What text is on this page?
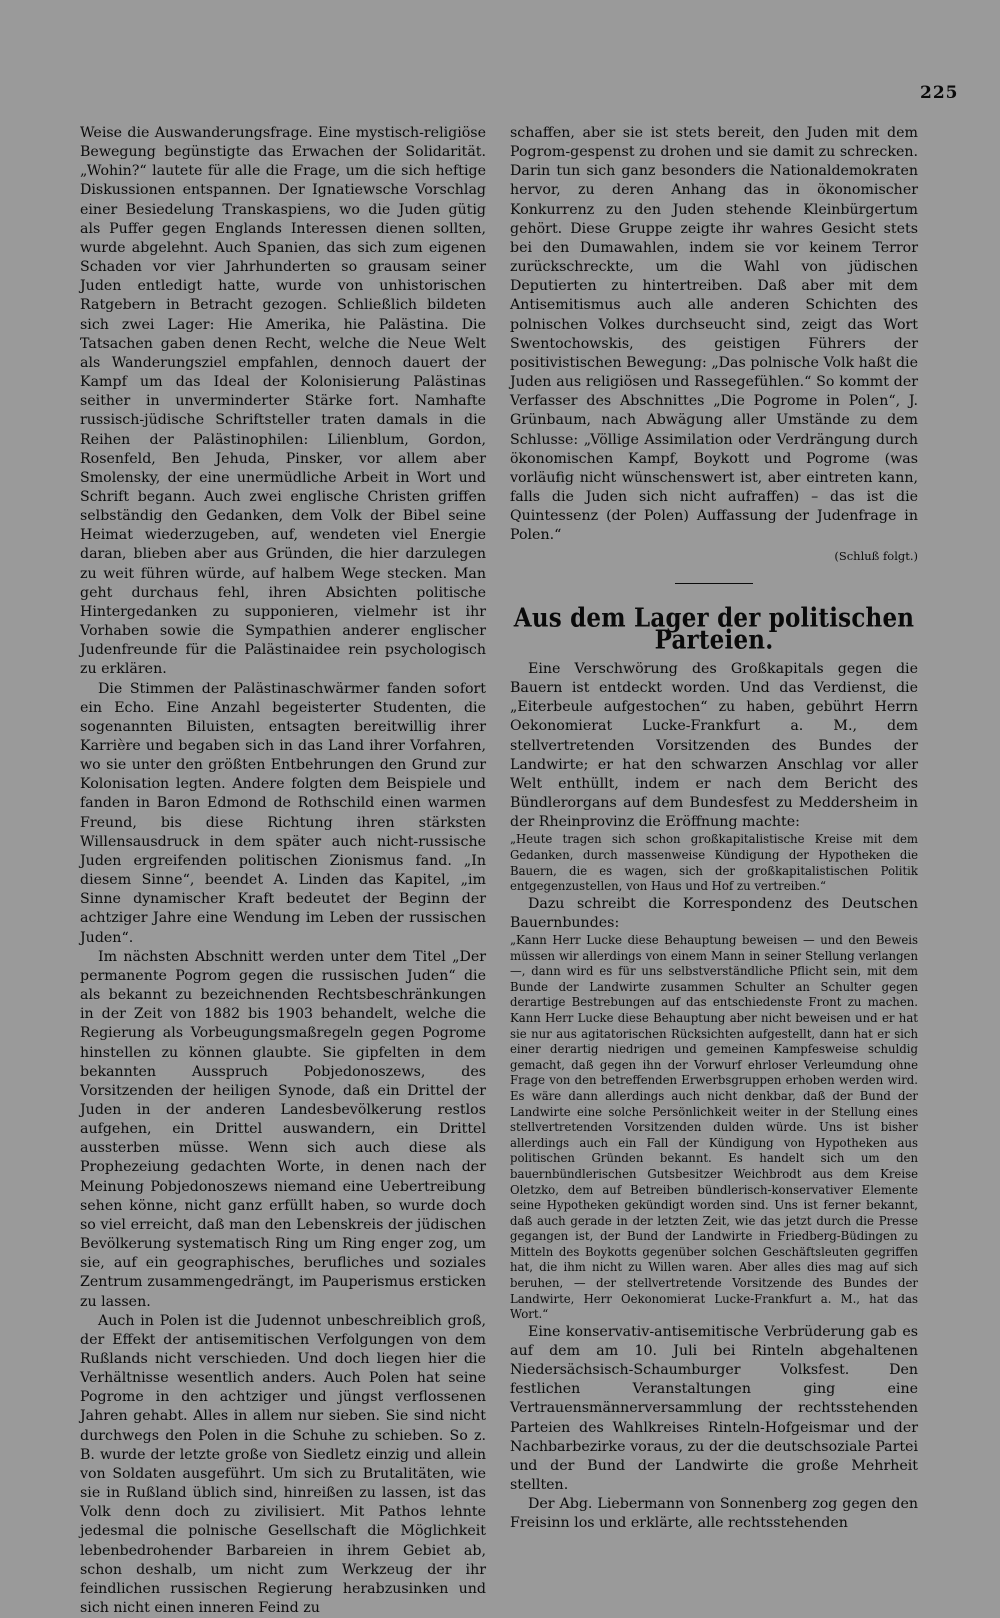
225

Weise die Auswanderungsfrage. Eine mystisch-religiöse Bewegung begünstigte das Erwachen der Solidarität. „Wohin?“ lautete für alle die Frage, um die sich heftige Diskussionen entspannen. Der Ignatiewsche Vorschlag einer Besiedelung Transkaspiens, wo die Juden gütig als Puffer gegen Englands Interessen dienen sollten, wurde abgelehnt. Auch Spanien, das sich zum eigenen Schaden vor vier Jahrhunderten so grausam seiner Juden entledigt hatte, wurde von unhistorischen Ratgebern in Betracht gezogen. Schließlich bildeten sich zwei Lager: Hie Amerika, hie Palästina. Die Tatsachen gaben denen Recht, welche die Neue Welt als Wanderungsziel empfahlen, dennoch dauert der Kampf um das Ideal der Kolonisierung Palästinas seither in unverminderter Stärke fort. Namhafte russisch-jüdische Schriftsteller traten damals in die Reihen der Palästinophilen: Lilienblum, Gordon, Rosenfeld, Ben Jehuda, Pinsker, vor allem aber Smolensky, der eine unermüdliche Arbeit in Wort und Schrift begann. Auch zwei englische Christen griffen selbständig den Gedanken, dem Volk der Bibel seine Heimat wiederzugeben, auf, wendeten viel Energie daran, blieben aber aus Gründen, die hier darzulegen zu weit führen würde, auf halbem Wege stecken. Man geht durchaus fehl, ihren Absichten politische Hintergedanken zu supponieren, vielmehr ist ihr Vorhaben sowie die Sympathien anderer englischer Judenfreunde für die Palästinaidee rein psychologisch zu erklären.

Die Stimmen der Palästinaschwärmer fanden sofort ein Echo. Eine Anzahl begeisterter Studenten, die sogenannten Biluisten, entsagten bereitwillig ihrer Karrière und begaben sich in das Land ihrer Vorfahren, wo sie unter den größten Entbehrungen den Grund zur Kolonisation legten. Andere folgten dem Beispiele und fanden in Baron Edmond de Rothschild einen warmen Freund, bis diese Richtung ihren stärksten Willensausdruck in dem später auch nicht-russische Juden ergreifenden politischen Zionismus fand. „In diesem Sinne“, beendet A. Linden das Kapitel, „im Sinne dynamischer Kraft bedeutet der Beginn der achtziger Jahre eine Wendung im Leben der russischen Juden“.

Im nächsten Abschnitt werden unter dem Titel „Der permanente Pogrom gegen die russischen Juden“ die als bekannt zu bezeichnenden Rechtsbeschränkungen in der Zeit von 1882 bis 1903 behandelt, welche die Regierung als Vorbeugungsmaßregeln gegen Pogrome hinstellen zu können glaubte. Sie gipfelten in dem bekannten Ausspruch Pobjedonoszews, des Vorsitzenden der heiligen Synode, daß ein Drittel der Juden in der anderen Landesbevölkerung restlos aufgehen, ein Drittel auswandern, ein Drittel aussterben müsse. Wenn sich auch diese als Prophezeiung gedachten Worte, in denen nach der Meinung Pobjedonoszews niemand eine Uebertreibung sehen könne, nicht ganz erfüllt haben, so wurde doch so viel erreicht, daß man den Lebenskreis der jüdischen Bevölkerung systematisch Ring um Ring enger zog, um sie, auf ein geographisches, berufliches und soziales Zentrum zusammengedrängt, im Pauperismus ersticken zu lassen.

Auch in Polen ist die Judennot unbeschreiblich groß, der Effekt der antisemitischen Verfolgungen von dem Rußlands nicht verschieden. Und doch liegen hier die Verhältnisse wesentlich anders. Auch Polen hat seine Pogrome in den achtziger und jüngst verflossenen Jahren gehabt. Alles in allem nur sieben. Sie sind nicht durchwegs den Polen in die Schuhe zu schieben. So z. B. wurde der letzte große von Siedletz einzig und allein von Soldaten ausgeführt. Um sich zu Brutalitäten, wie sie in Rußland üblich sind, hinreißen zu lassen, ist das Volk denn doch zu zivilisiert. Mit Pathos lehnte jedesmal die polnische Gesellschaft die Möglichkeit lebenbedrohender Barbareien in ihrem Gebiet ab, schon deshalb, um nicht zum Werkzeug der ihr feindlichen russischen Regierung herabzusinken und sich nicht einen inneren Feind zu

schaffen, aber sie ist stets bereit, den Juden mit dem Pogrom-gespenst zu drohen und sie damit zu schrecken. Darin tun sich ganz besonders die Nationaldemokraten hervor, zu deren Anhang das in ökonomischer Konkurrenz zu den Juden stehende Kleinbürgertum gehört. Diese Gruppe zeigte ihr wahres Gesicht stets bei den Dumawahlen, indem sie vor keinem Terror zurückschreckte, um die Wahl von jüdischen Deputierten zu hintertreiben. Daß aber mit dem Antisemitismus auch alle anderen Schichten des polnischen Volkes durchseucht sind, zeigt das Wort Swentochowskis, des geistigen Führers der positivistischen Bewegung: „Das polnische Volk haßt die Juden aus religiösen und Rassegefühlen.“ So kommt der Verfasser des Abschnittes „Die Pogrome in Polen“, J. Grünbaum, nach Abwägung aller Umstände zu dem Schlusse: „Völlige Assimilation oder Verdrängung durch ökonomischen Kampf, Boykott und Pogrome (was vorläufig nicht wünschenswert ist, aber eintreten kann, falls die Juden sich nicht aufraffen) – das ist die Quintessenz (der Polen) Auffassung der Judenfrage in Polen.“

(Schluß folgt.)
Aus dem Lager der politischen Parteien.

Eine Verschwörung des Großkapitals gegen die Bauern ist entdeckt worden. Und das Verdienst, die „Eiterbeule aufgestochen“ zu haben, gebührt Herrn Oekonomierat Lucke-Frankfurt a. M., dem stellvertretenden Vorsitzenden des Bundes der Landwirte; er hat den schwarzen Anschlag vor aller Welt enthüllt, indem er nach dem Bericht des Bündlerorgans auf dem Bundesfest zu Meddersheim in der Rheinprovinz die Eröffnung machte:

„Heute tragen sich schon großkapitalistische Kreise mit dem Gedanken, durch massenweise Kündigung der Hypotheken die Bauern, die es wagen, sich der großkapitalistischen Politik entgegenzustellen, von Haus und Hof zu vertreiben.“

Dazu schreibt die Korrespondenz des Deutschen Bauernbundes:

„Kann Herr Lucke diese Behauptung beweisen — und den Beweis müssen wir allerdings von einem Mann in seiner Stellung verlangen —, dann wird es für uns selbstverständliche Pflicht sein, mit dem Bunde der Landwirte zusammen Schulter an Schulter gegen derartige Bestrebungen auf das entschiedenste Front zu machen. Kann Herr Lucke diese Behauptung aber nicht beweisen und er hat sie nur aus agitatorischen Rücksichten aufgestellt, dann hat er sich einer derartig niedrigen und gemeinen Kampfesweise schuldig gemacht, daß gegen ihn der Vorwurf ehrloser Verleumdung ohne Frage von den betreffenden Erwerbsgruppen erhoben werden wird. Es wäre dann allerdings auch nicht denkbar, daß der Bund der Landwirte eine solche Persönlichkeit weiter in der Stellung eines stellvertretenden Vorsitzenden dulden würde. Uns ist bisher allerdings auch ein Fall der Kündigung von Hypotheken aus politischen Gründen bekannt. Es handelt sich um den bauernbündlerischen Gutsbesitzer Weichbrodt aus dem Kreise Oletzko, dem auf Betreiben bündlerisch-konservativer Elemente seine Hypotheken gekündigt worden sind. Uns ist ferner bekannt, daß auch gerade in der letzten Zeit, wie das jetzt durch die Presse gegangen ist, der Bund der Landwirte in Friedberg-Büdingen zu Mitteln des Boykotts gegenüber solchen Geschäftsleuten gegriffen hat, die ihm nicht zu Willen waren. Aber alles dies mag auf sich beruhen, — der stellvertretende Vorsitzende des Bundes der Landwirte, Herr Oekonomierat Lucke-Frankfurt a. M., hat das Wort.“

Eine konservativ-antisemitische Verbrüderung gab es auf dem am 10. Juli bei Rinteln abgehaltenen Niedersächsisch-Schaumburger Volksfest. Den festlichen Veranstaltungen ging eine Vertrauensmännerversammlung der rechtsstehenden Parteien des Wahlkreises Rinteln-Hofgeismar und der Nachbarbezirke voraus, zu der die deutschsoziale Partei und der Bund der Landwirte die große Mehrheit stellten.

Der Abg. Liebermann von Sonnenberg zog gegen den Freisinn los und erklärte, alle rechtsstehenden
